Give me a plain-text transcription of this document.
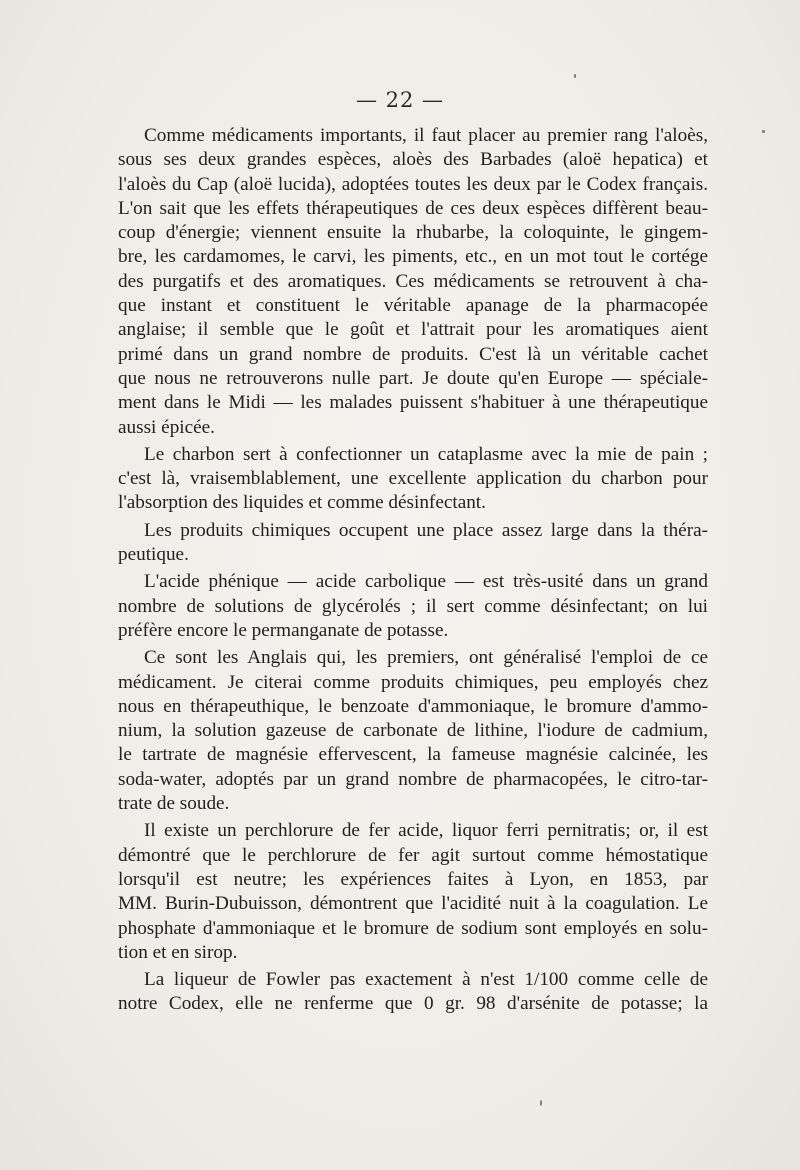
— 22 —
Comme médicaments importants, il faut placer au premier rang l'aloès,
sous ses deux grandes espèces, aloès des Barbades (aloë hepatica) et
l'aloès du Cap (aloë lucida), adoptées toutes les deux par le Codex français.
L'on sait que les effets thérapeutiques de ces deux espèces diffèrent beau-
coup d'énergie; viennent ensuite la rhubarbe, la coloquinte, le gingem-
bre, les cardamomes, le carvi, les piments, etc., en un mot tout le cortége
des purgatifs et des aromatiques. Ces médicaments se retrouvent à cha-
que instant et constituent le véritable apanage de la pharmacopée
anglaise; il semble que le goût et l'attrait pour les aromatiques aient
primé dans un grand nombre de produits. C'est là un véritable cachet
que nous ne retrouverons nulle part. Je doute qu'en Europe — spéciale-
ment dans le Midi — les malades puissent s'habituer à une thérapeutique
aussi épicée.
Le charbon sert à confectionner un cataplasme avec la mie de pain ;
c'est là, vraisemblablement, une excellente application du charbon pour
l'absorption des liquides et comme désinfectant.
Les produits chimiques occupent une place assez large dans la théra-
peutique.
L'acide phénique — acide carbolique — est très-usité dans un grand
nombre de solutions de glycérolés ; il sert comme désinfectant; on lui
préfère encore le permanganate de potasse.
Ce sont les Anglais qui, les premiers, ont généralisé l'emploi de ce
médicament. Je citerai comme produits chimiques, peu employés chez
nous en thérapeuthique, le benzoate d'ammoniaque, le bromure d'ammo-
nium, la solution gazeuse de carbonate de lithine, l'iodure de cadmium,
le tartrate de magnésie effervescent, la fameuse magnésie calcinée, les
soda-water, adoptés par un grand nombre de pharmacopées, le citro-tar-
trate de soude.
Il existe un perchlorure de fer acide, liquor ferri pernitratis; or, il est
démontré que le perchlorure de fer agit surtout comme hémostatique
lorsqu'il est neutre; les expériences faites à Lyon, en 1853, par
MM. Burin-Dubuisson, démontrent que l'acidité nuit à la coagulation. Le
phosphate d'ammoniaque et le bromure de sodium sont employés en solu-
tion et en sirop.
La liqueur de Fowler pas exactement à n'est 1/100 comme celle de
notre Codex, elle ne renferme que 0 gr. 98 d'arsénite de potasse; la
